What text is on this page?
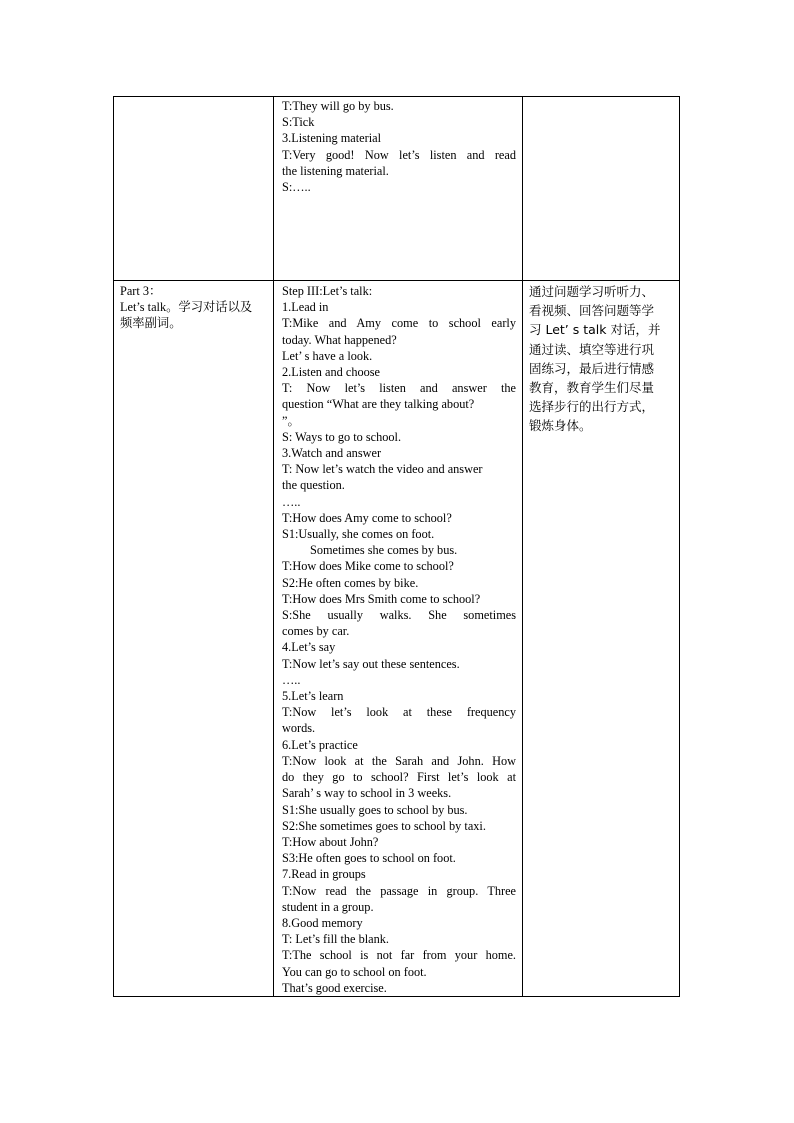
T:They will go by bus.
S:Tick
3.Listening material
T:Very good! Now let’s listen and read
the listening material.
S:…..
Part 3：
Let’s talk。学习对话以及
频率副词。
Step III:Let’s talk:
1.Lead in
T:Mike and Amy come to school early
today. What happened?
Let’ s have a look.
2.Listen and choose
T: Now let’s listen and answer the
question “What are they talking about?
”。
S: Ways to go to school.
3.Watch and answer
T: Now let’s watch the video and answer
the question.
…..
T:How does Amy come to school?
S1:Usually, she comes on foot.
Sometimes she comes by bus.
T:How does Mike come to school?
S2:He often comes by bike.
T:How does Mrs Smith come to school?
S:She usually walks. She sometimes
comes by car.
4.Let’s say
T:Now let’s say out these sentences.
…..
5.Let’s learn
T:Now let’s look at these frequency
words.
6.Let’s practice
T:Now look at the Sarah and John. How
do they go to school? First let’s look at
Sarah’ s way to school in 3 weeks.
S1:She usually goes to school by bus.
S2:She sometimes goes to school by taxi.
T:How about John?
S3:He often goes to school on foot.
7.Read in groups
T:Now read the passage in group. Three
student in a group.
8.Good memory
T: Let’s fill the blank.
T:The school is not far from your home.
You can go to school on foot.
That’s good exercise.
通过问题学习听听力、
看视频、回答问题等学
习 Let’ s talk 对话，并
通过读、填空等进行巩
固练习，最后进行情感
教育，教育学生们尽量
选择步行的出行方式，
锻炼身体。
